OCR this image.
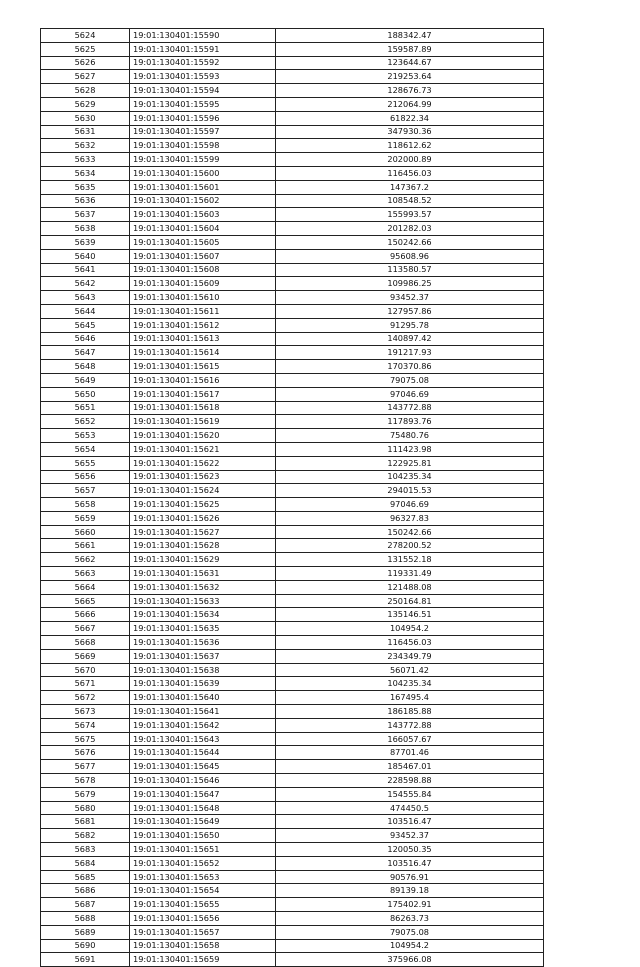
5624	19:01:130401:15590	188342.47
5625	19:01:130401:15591	159587.89
5626	19:01:130401:15592	123644.67
5627	19:01:130401:15593	219253.64
5628	19:01:130401:15594	128676.73
5629	19:01:130401:15595	212064.99
5630	19:01:130401:15596	61822.34
5631	19:01:130401:15597	347930.36
5632	19:01:130401:15598	118612.62
5633	19:01:130401:15599	202000.89
5634	19:01:130401:15600	116456.03
5635	19:01:130401:15601	147367.2
5636	19:01:130401:15602	108548.52
5637	19:01:130401:15603	155993.57
5638	19:01:130401:15604	201282.03
5639	19:01:130401:15605	150242.66
5640	19:01:130401:15607	95608.96
5641	19:01:130401:15608	113580.57
5642	19:01:130401:15609	109986.25
5643	19:01:130401:15610	93452.37
5644	19:01:130401:15611	127957.86
5645	19:01:130401:15612	91295.78
5646	19:01:130401:15613	140897.42
5647	19:01:130401:15614	191217.93
5648	19:01:130401:15615	170370.86
5649	19:01:130401:15616	79075.08
5650	19:01:130401:15617	97046.69
5651	19:01:130401:15618	143772.88
5652	19:01:130401:15619	117893.76
5653	19:01:130401:15620	75480.76
5654	19:01:130401:15621	111423.98
5655	19:01:130401:15622	122925.81
5656	19:01:130401:15623	104235.34
5657	19:01:130401:15624	294015.53
5658	19:01:130401:15625	97046.69
5659	19:01:130401:15626	96327.83
5660	19:01:130401:15627	150242.66
5661	19:01:130401:15628	278200.52
5662	19:01:130401:15629	131552.18
5663	19:01:130401:15631	119331.49
5664	19:01:130401:15632	121488.08
5665	19:01:130401:15633	250164.81
5666	19:01:130401:15634	135146.51
5667	19:01:130401:15635	104954.2
5668	19:01:130401:15636	116456.03
5669	19:01:130401:15637	234349.79
5670	19:01:130401:15638	56071.42
5671	19:01:130401:15639	104235.34
5672	19:01:130401:15640	167495.4
5673	19:01:130401:15641	186185.88
5674	19:01:130401:15642	143772.88
5675	19:01:130401:15643	166057.67
5676	19:01:130401:15644	87701.46
5677	19:01:130401:15645	185467.01
5678	19:01:130401:15646	228598.88
5679	19:01:130401:15647	154555.84
5680	19:01:130401:15648	474450.5
5681	19:01:130401:15649	103516.47
5682	19:01:130401:15650	93452.37
5683	19:01:130401:15651	120050.35
5684	19:01:130401:15652	103516.47
5685	19:01:130401:15653	90576.91
5686	19:01:130401:15654	89139.18
5687	19:01:130401:15655	175402.91
5688	19:01:130401:15656	86263.73
5689	19:01:130401:15657	79075.08
5690	19:01:130401:15658	104954.2
5691	19:01:130401:15659	375966.08
